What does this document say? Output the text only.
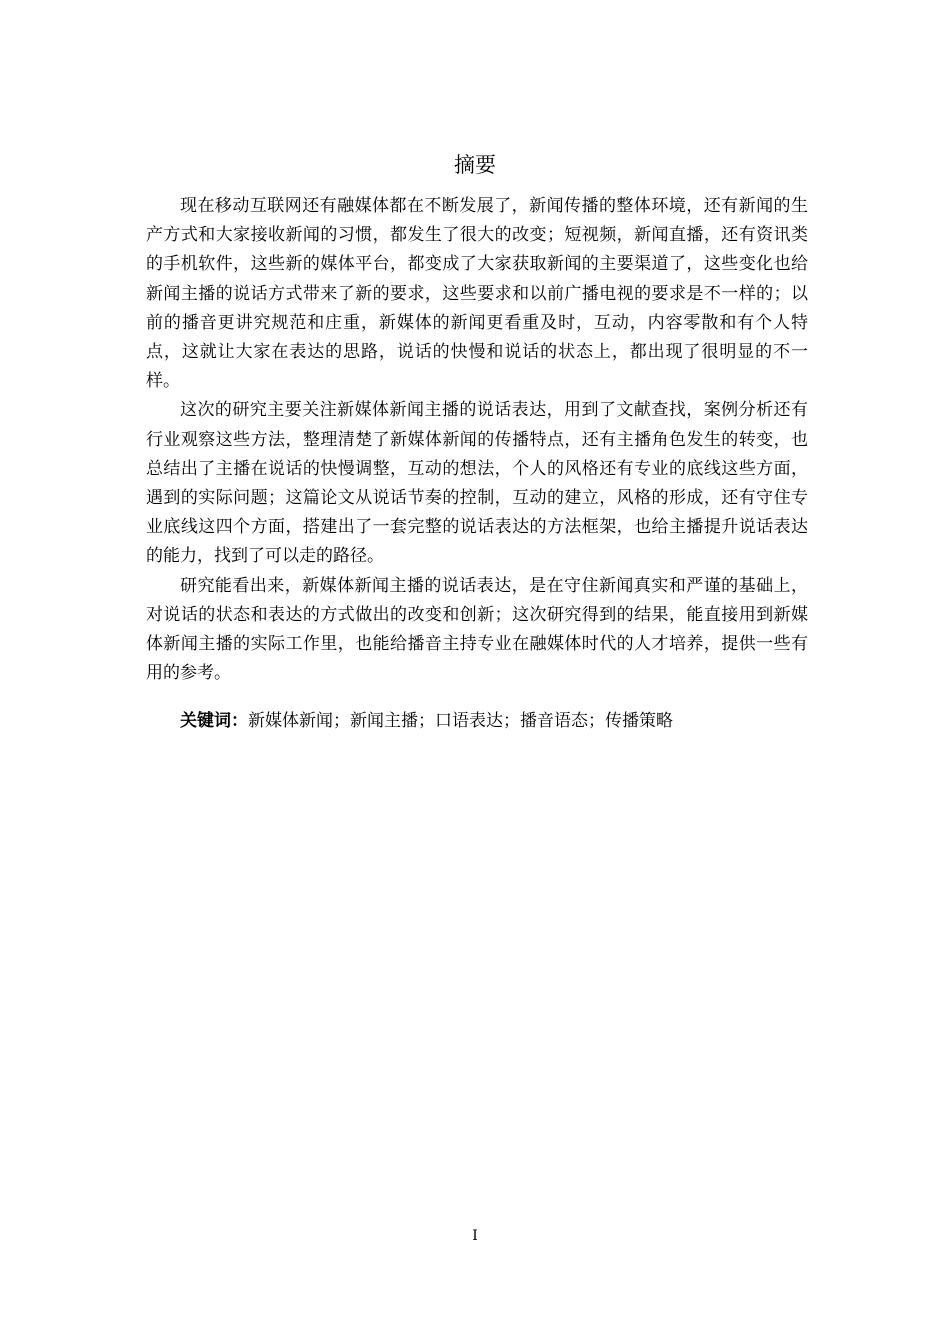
摘要

现在移动互联网还有融媒体都在不断发展了，新闻传播的整体环境，还有新闻的生产方式和大家接收新闻的习惯，都发生了很大的改变；短视频，新闻直播，还有资讯类的手机软件，这些新的媒体平台，都变成了大家获取新闻的主要渠道了，这些变化也给新闻主播的说话方式带来了新的要求，这些要求和以前广播电视的要求是不一样的；以前的播音更讲究规范和庄重，新媒体的新闻更看重及时，互动，内容零散和有个人特点，这就让大家在表达的思路，说话的快慢和说话的状态上，都出现了很明显的不一样。

这次的研究主要关注新媒体新闻主播的说话表达，用到了文献查找，案例分析还有行业观察这些方法，整理清楚了新媒体新闻的传播特点，还有主播角色发生的转变，也总结出了主播在说话的快慢调整，互动的想法，个人的风格还有专业的底线这些方面，遇到的实际问题；这篇论文从说话节奏的控制，互动的建立，风格的形成，还有守住专业底线这四个方面，搭建出了一套完整的说话表达的方法框架，也给主播提升说话表达的能力，找到了可以走的路径。

研究能看出来，新媒体新闻主播的说话表达，是在守住新闻真实和严谨的基础上，对说话的状态和表达的方式做出的改变和创新；这次研究得到的结果，能直接用到新媒体新闻主播的实际工作里，也能给播音主持专业在融媒体时代的人才培养，提供一些有用的参考。

关键词：新媒体新闻；新闻主播；口语表达；播音语态；传播策略

I
